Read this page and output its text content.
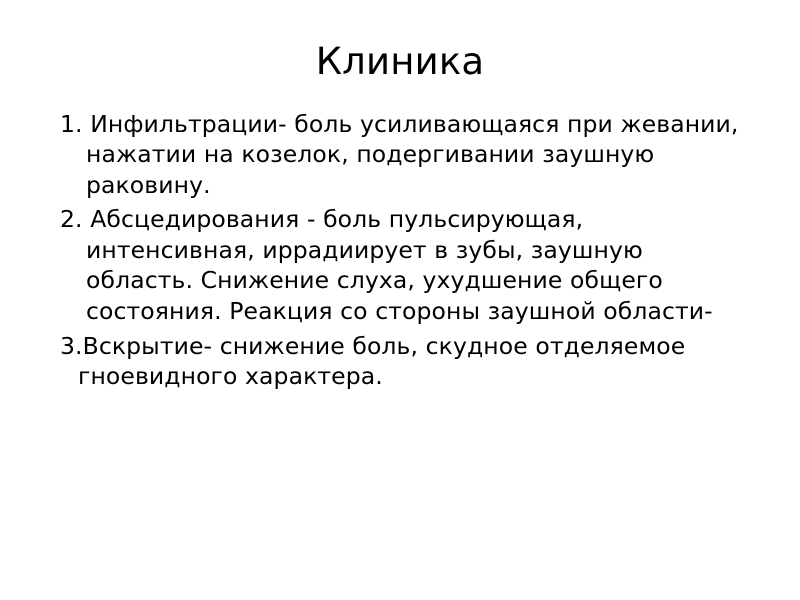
Клиника
1. Инфильтрации- боль усиливающаяся при жевании, нажатии на козелок, подергивании заушную раковину.
2. Абсцедирования - боль пульсирующая, интенсивная, иррадиирует в зубы, заушную область. Снижение слуха, ухудшение общего состояния. Реакция со стороны заушной области-
3.Вскрытие- снижение боль, скудное отделяемое гноевидного характера.
